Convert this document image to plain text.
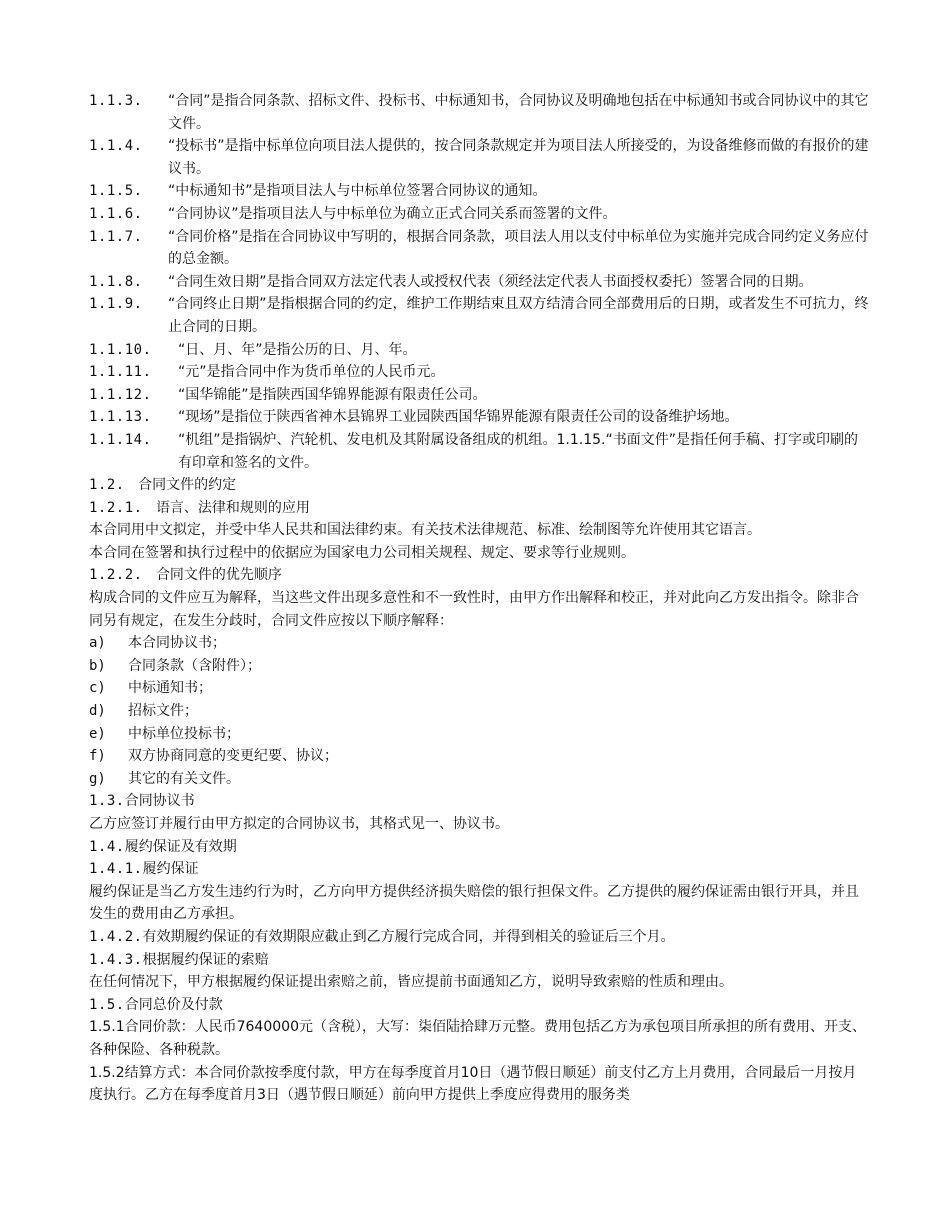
1.1.3.	“合同”是指合同条款、招标文件、投标书、中标通知书，合同协议及明确地包括在中标通知书或合同协议中的其它文件。
1.1.4.	“投标书”是指中标单位向项目法人提供的，按合同条款规定并为项目法人所接受的，为设备维修而做的有报价的建议书。
1.1.5.	“中标通知书”是指项目法人与中标单位签署合同协议的通知。
1.1.6.	“合同协议”是指项目法人与中标单位为确立正式合同关系而签署的文件。
1.1.7.	“合同价格”是指在合同协议中写明的，根据合同条款，项目法人用以支付中标单位为实施并完成合同约定义务应付的总金额。
1.1.8.	“合同生效日期”是指合同双方法定代表人或授权代表（须经法定代表人书面授权委托）签署合同的日期。
1.1.9.	“合同终止日期”是指根据合同的约定，维护工作期结束且双方结清合同全部费用后的日期，或者发生不可抗力，终止合同的日期。
1.1.10.	“日、月、年”是指公历的日、月、年。
1.1.11.	“元”是指合同中作为货币单位的人民币元。
1.1.12.	“国华锦能”是指陕西国华锦界能源有限责任公司。
1.1.13.	“现场”是指位于陕西省神木县锦界工业园陕西国华锦界能源有限责任公司的设备维护场地。
1.1.14.	“机组”是指锅炉、汽轮机、发电机及其附属设备组成的机组。1.1.15.“书面文件”是指任何手稿、打字或印刷的有印章和签名的文件。
1.2. 合同文件的约定
1.2.1. 语言、法律和规则的应用
本合同用中文拟定，并受中华人民共和国法律约束。有关技术法律规范、标准、绘制图等允许使用其它语言。
本合同在签署和执行过程中的依据应为国家电力公司相关规程、规定、要求等行业规则。
1.2.2. 合同文件的优先顺序
构成合同的文件应互为解释，当这些文件出现多意性和不一致性时，由甲方作出解释和校正，并对此向乙方发出指令。除非合同另有规定，在发生分歧时，合同文件应按以下顺序解释：
a)	本合同协议书；
b)	合同条款（含附件）；
c)	中标通知书；
d)	招标文件；
e)	中标单位投标书；
f)	双方协商同意的变更纪要、协议；
g)	其它的有关文件。
1.3.合同协议书
乙方应签订并履行由甲方拟定的合同协议书，其格式见一、协议书。
1.4.履约保证及有效期
1.4.1.履约保证
履约保证是当乙方发生违约行为时，乙方向甲方提供经济损失赔偿的银行担保文件。乙方提供的履约保证需由银行开具，并且发生的费用由乙方承担。
1.4.2.有效期履约保证的有效期限应截止到乙方履行完成合同，并得到相关的验证后三个月。
1.4.3.根据履约保证的索赔
在任何情况下，甲方根据履约保证提出索赔之前，皆应提前书面通知乙方，说明导致索赔的性质和理由。
1.5.合同总价及付款
1.5.1合同价款：人民币7640000元（含税），大写：柒佰陆拾肆万元整。费用包括乙方为承包项目所承担的所有费用、开支、各种保险、各种税款。
1.5.2结算方式：本合同价款按季度付款，甲方在每季度首月10日（遇节假日顺延）前支付乙方上月费用，合同最后一月按月度执行。乙方在每季度首月3日（遇节假日顺延）前向甲方提供上季度应得费用的服务类
